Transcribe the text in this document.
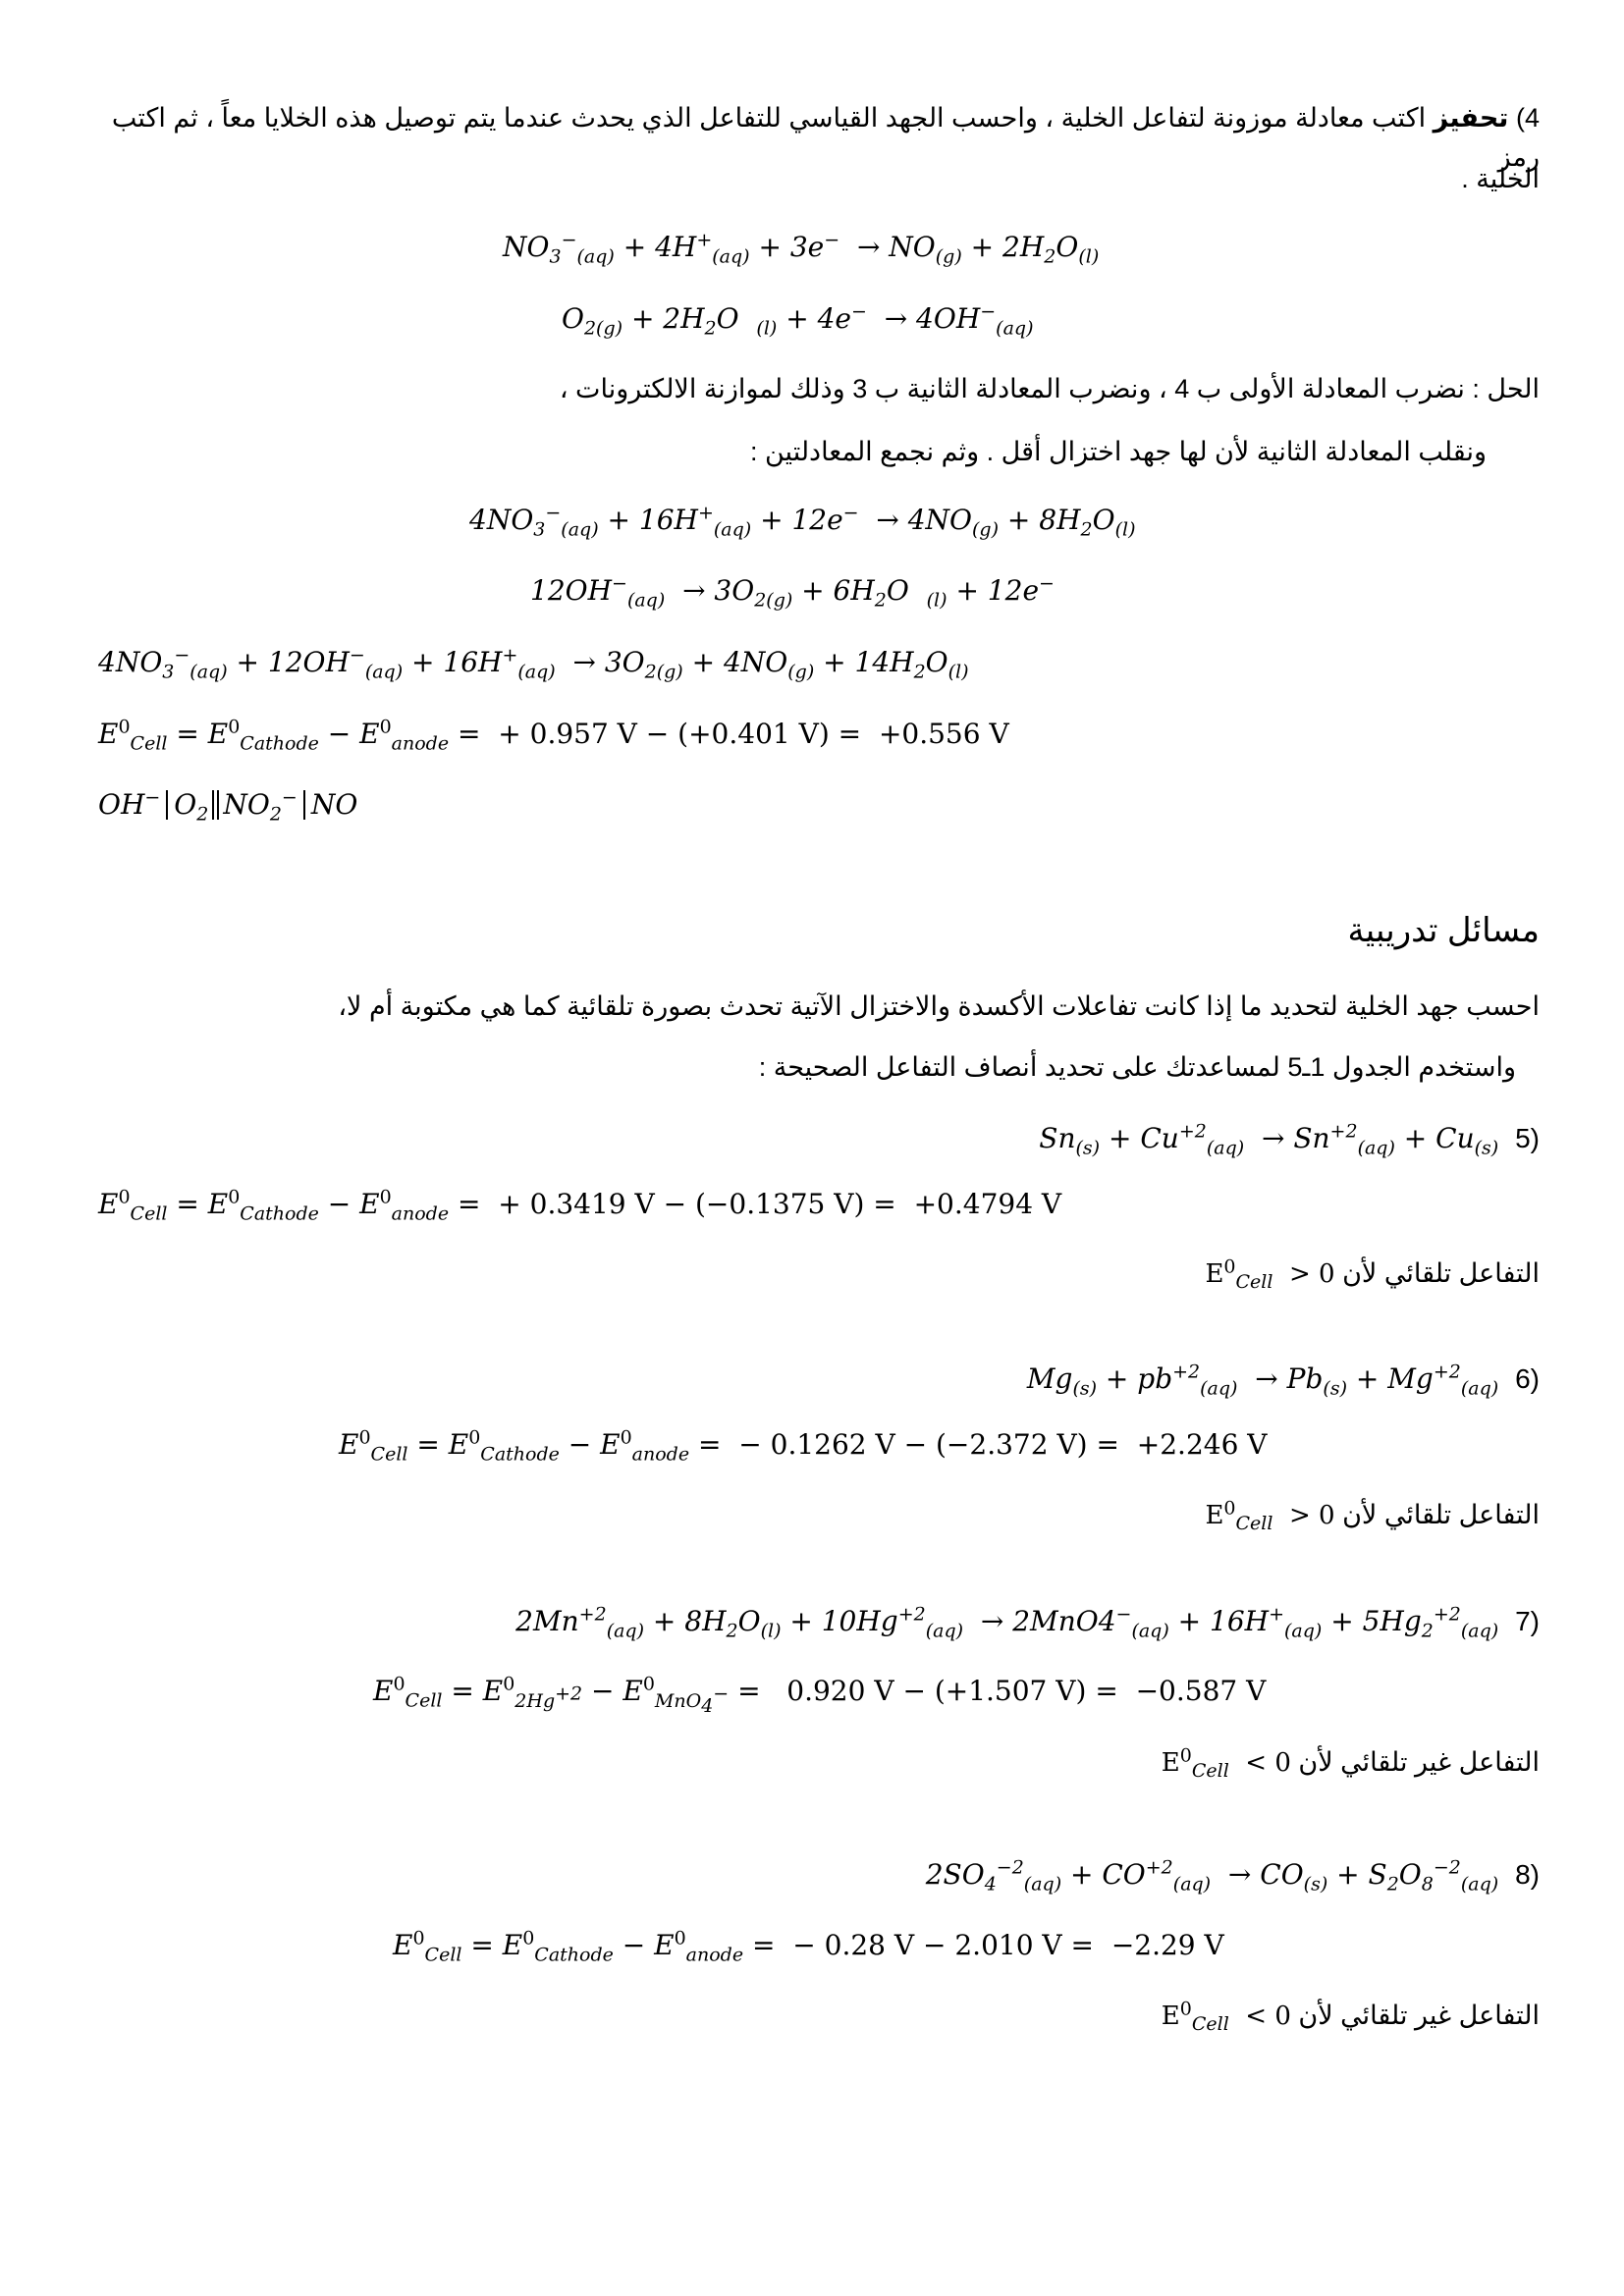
4) تحفيز اكتب معادلة موزونة لتفاعل الخلية ، واحسب الجهد القياسي للتفاعل الذي يحدث عندما يتم توصيل هذه الخلايا معاً ، ثم اكتب رمز
الخلية .
$NO_3^-_{(aq)} + 4H^+_{(aq)} + 3e^- \to NO_{(g)} + 2H_2O_{(l)}$
$O_{2(g)} + 2H_2O$  $_{(l)} + 4e^- \to 4OH^-_{(aq)}$
الحل : نضرب المعادلة الأولى ب 4 ، ونضرب المعادلة الثانية ب 3 وذلك لموازنة الالكترونات ،
ونقلب المعادلة الثانية لأن لها جهد اختزال أقل . وثم نجمع المعادلتين :
$4NO_3^-_{(aq)} + 16H^+_{(aq)} + 12e^- \to 4NO_{(g)} + 8H_2O_{(l)}$
$12OH^-_{(aq)} \to 3O_{2(g)} + 6H_2O$  $_{(l)}$ + 12e−
$4NO_3^-_{(aq)} + 12OH^-_{(aq)} + 16H^+_{(aq)} \to 3O_{2(g)} + 4NO_{(g)} + 14H_2O_{(l)}$
$E^0_{Cell} = E^0_{Cathode} - E^0_{anode}$ =  + 0.957 V − (+0.401 V) =  +0.556 V
OH− $O_2$ $NO_2^-$ NO
مسائل تدريبية
احسب جهد الخلية لتحديد ما إذا كانت تفاعلات الأكسدة والاختزال الآتية تحدث بصورة تلقائية كما هي مكتوبة أم لا،
واستخدم الجدول 1ـ5 لمساعدتك على تحديد أنصاف التفاعل الصحيحة :
$Sn_{(s)} + Cu^{+2}_{(aq)} \to Sn^{+2}_{(aq)} + Cu_{(s)}$ 5)
$E^0_{Cell} = E^0_{Cathode} - E^0_{anode}$ =  + 0.3419 V − (−0.1375 V) =  +0.4794 V
التفاعل تلقائي لأن $E^0_{Cell} > 0$
$Mg_{(s)} + pb^{+2}_{(aq)} \to Pb_{(s)} + Mg^{+2}_{(aq)}$ 6)
$E^0_{Cell} = E^0_{Cathode} - E^0_{anode}$ =  − 0.1262 V − (−2.372 V) =  +2.246 V
التفاعل تلقائي لأن $E^0_{Cell} > 0$
$2Mn^{+2}_{(aq)} + 8H_2O_{(l)} + 10Hg^{+2}_{(aq)} \to 2MnO4^-_{(aq)} + 16H^+_{(aq)} + 5Hg_2^{+2}_{(aq)}$ 7)
$E^0_{Cell} = E^0_{2Hg^{+2}} - E^0_{MnO_4^-} = 0.920$ V − (+1.507 V) =  −0.587 V
التفاعل غير تلقائي لأن $E^0_{Cell} < 0$
$2SO_4^{-2}_{(aq)} + CO^{+2}_{(aq)} \to CO_{(s)} + S_2O_8^{-2}_{(aq)}$ 8)
$E^0_{Cell} = E^0_{Cathode} - E^0_{anode}$ =  − 0.28 V − 2.010 V =  −2.29 V
التفاعل غير تلقائي لأن $E^0_{Cell} < 0$
